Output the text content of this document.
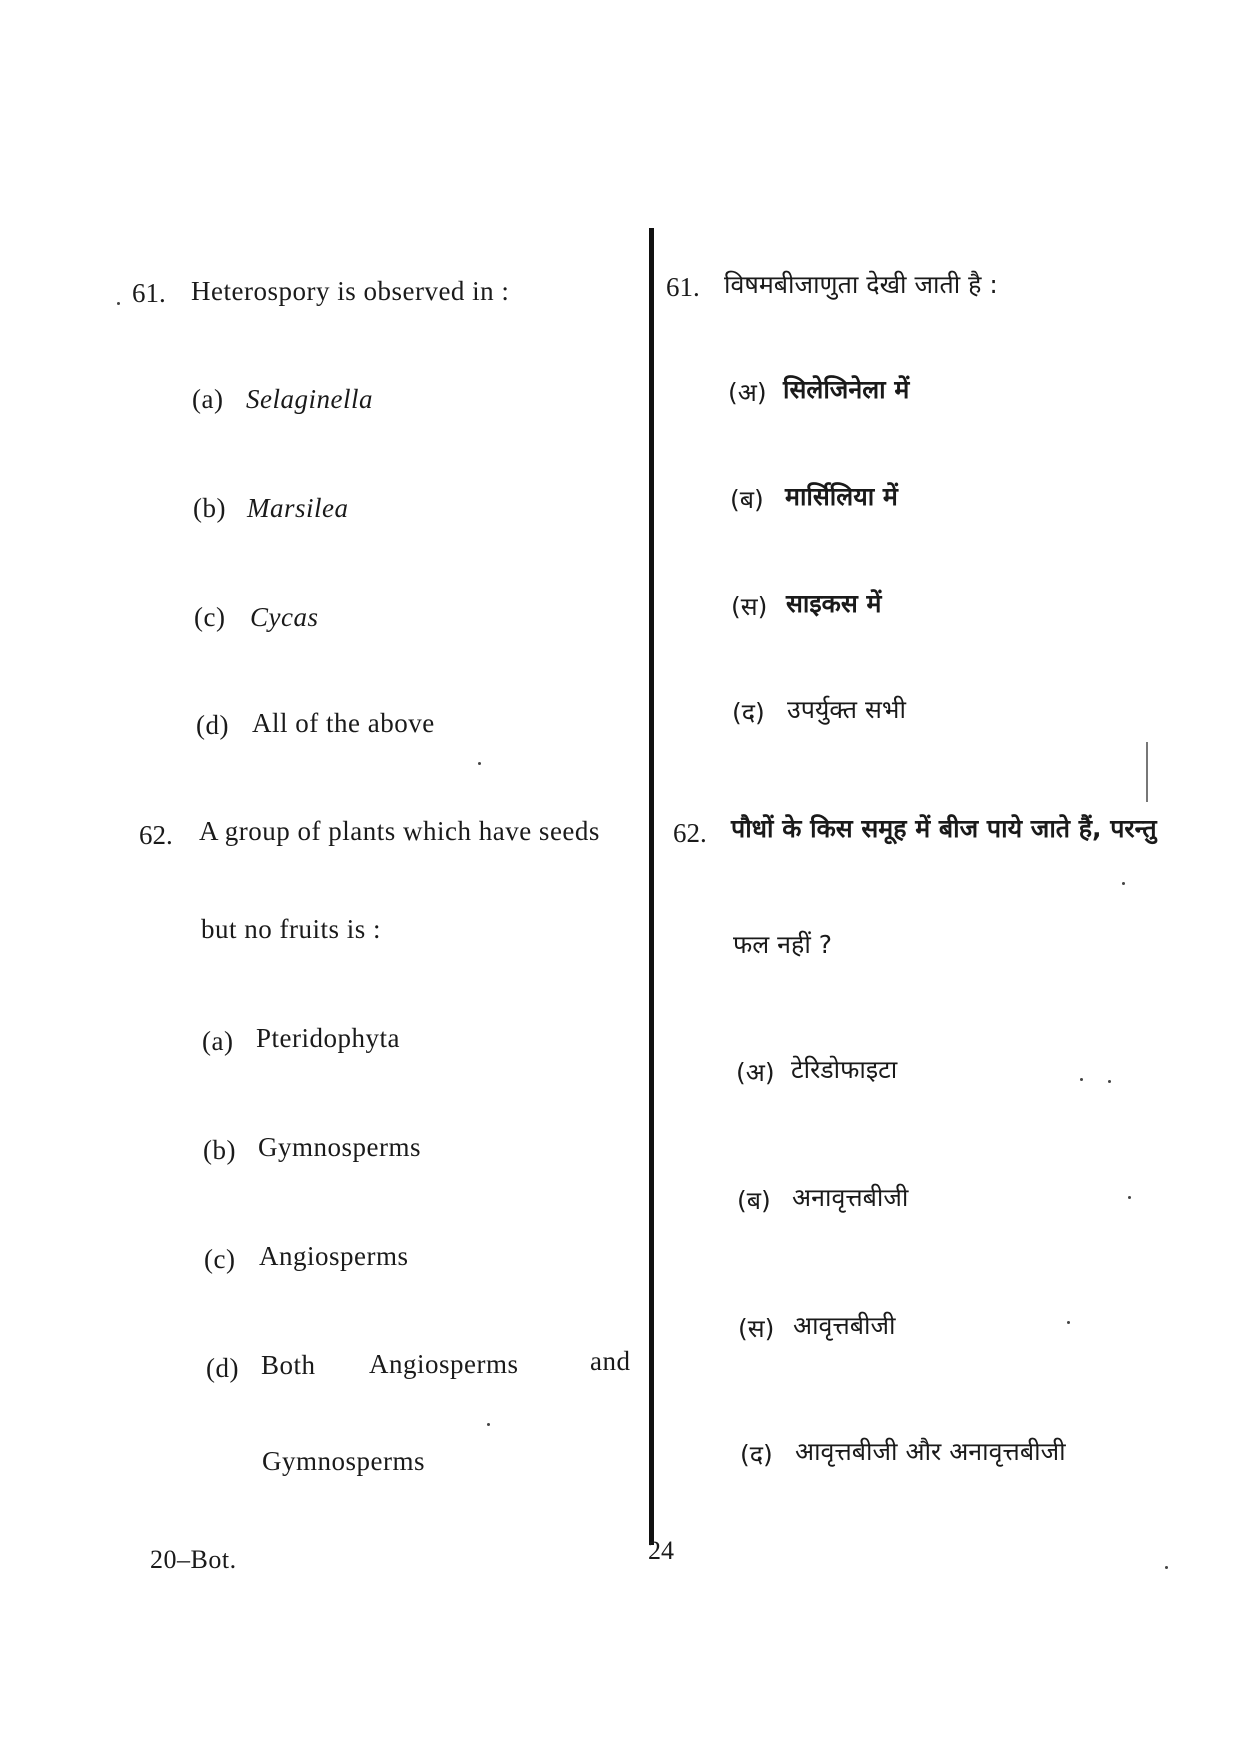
61. Heterospory is observed in :
(a) Selaginella
(b) Marsilea
(c) Cycas
(d) All of the above
62. A group of plants which have seeds
but no fruits is :
(a) Pteridophyta
(b) Gymnosperms
(c) Angiosperms
(d) Both Angiosperms	and
Gymnosperms
61. विषमबीजाणुता देखी जाती है :
(अ) सिलेजिनेला में
(ब) मार्सिलिया में
(स) साइकस में
(द) उपर्युक्त सभी
62. पौधों के किस समूह में बीज पाये जाते हैं, परन्तु
फल नहीं ?
(अ) टेरिडोफाइटा
(ब) अनावृत्तबीजी
(स) आवृत्तबीजी
(द) आवृत्तबीजी और अनावृत्तबीजी
20–Bot.	24
